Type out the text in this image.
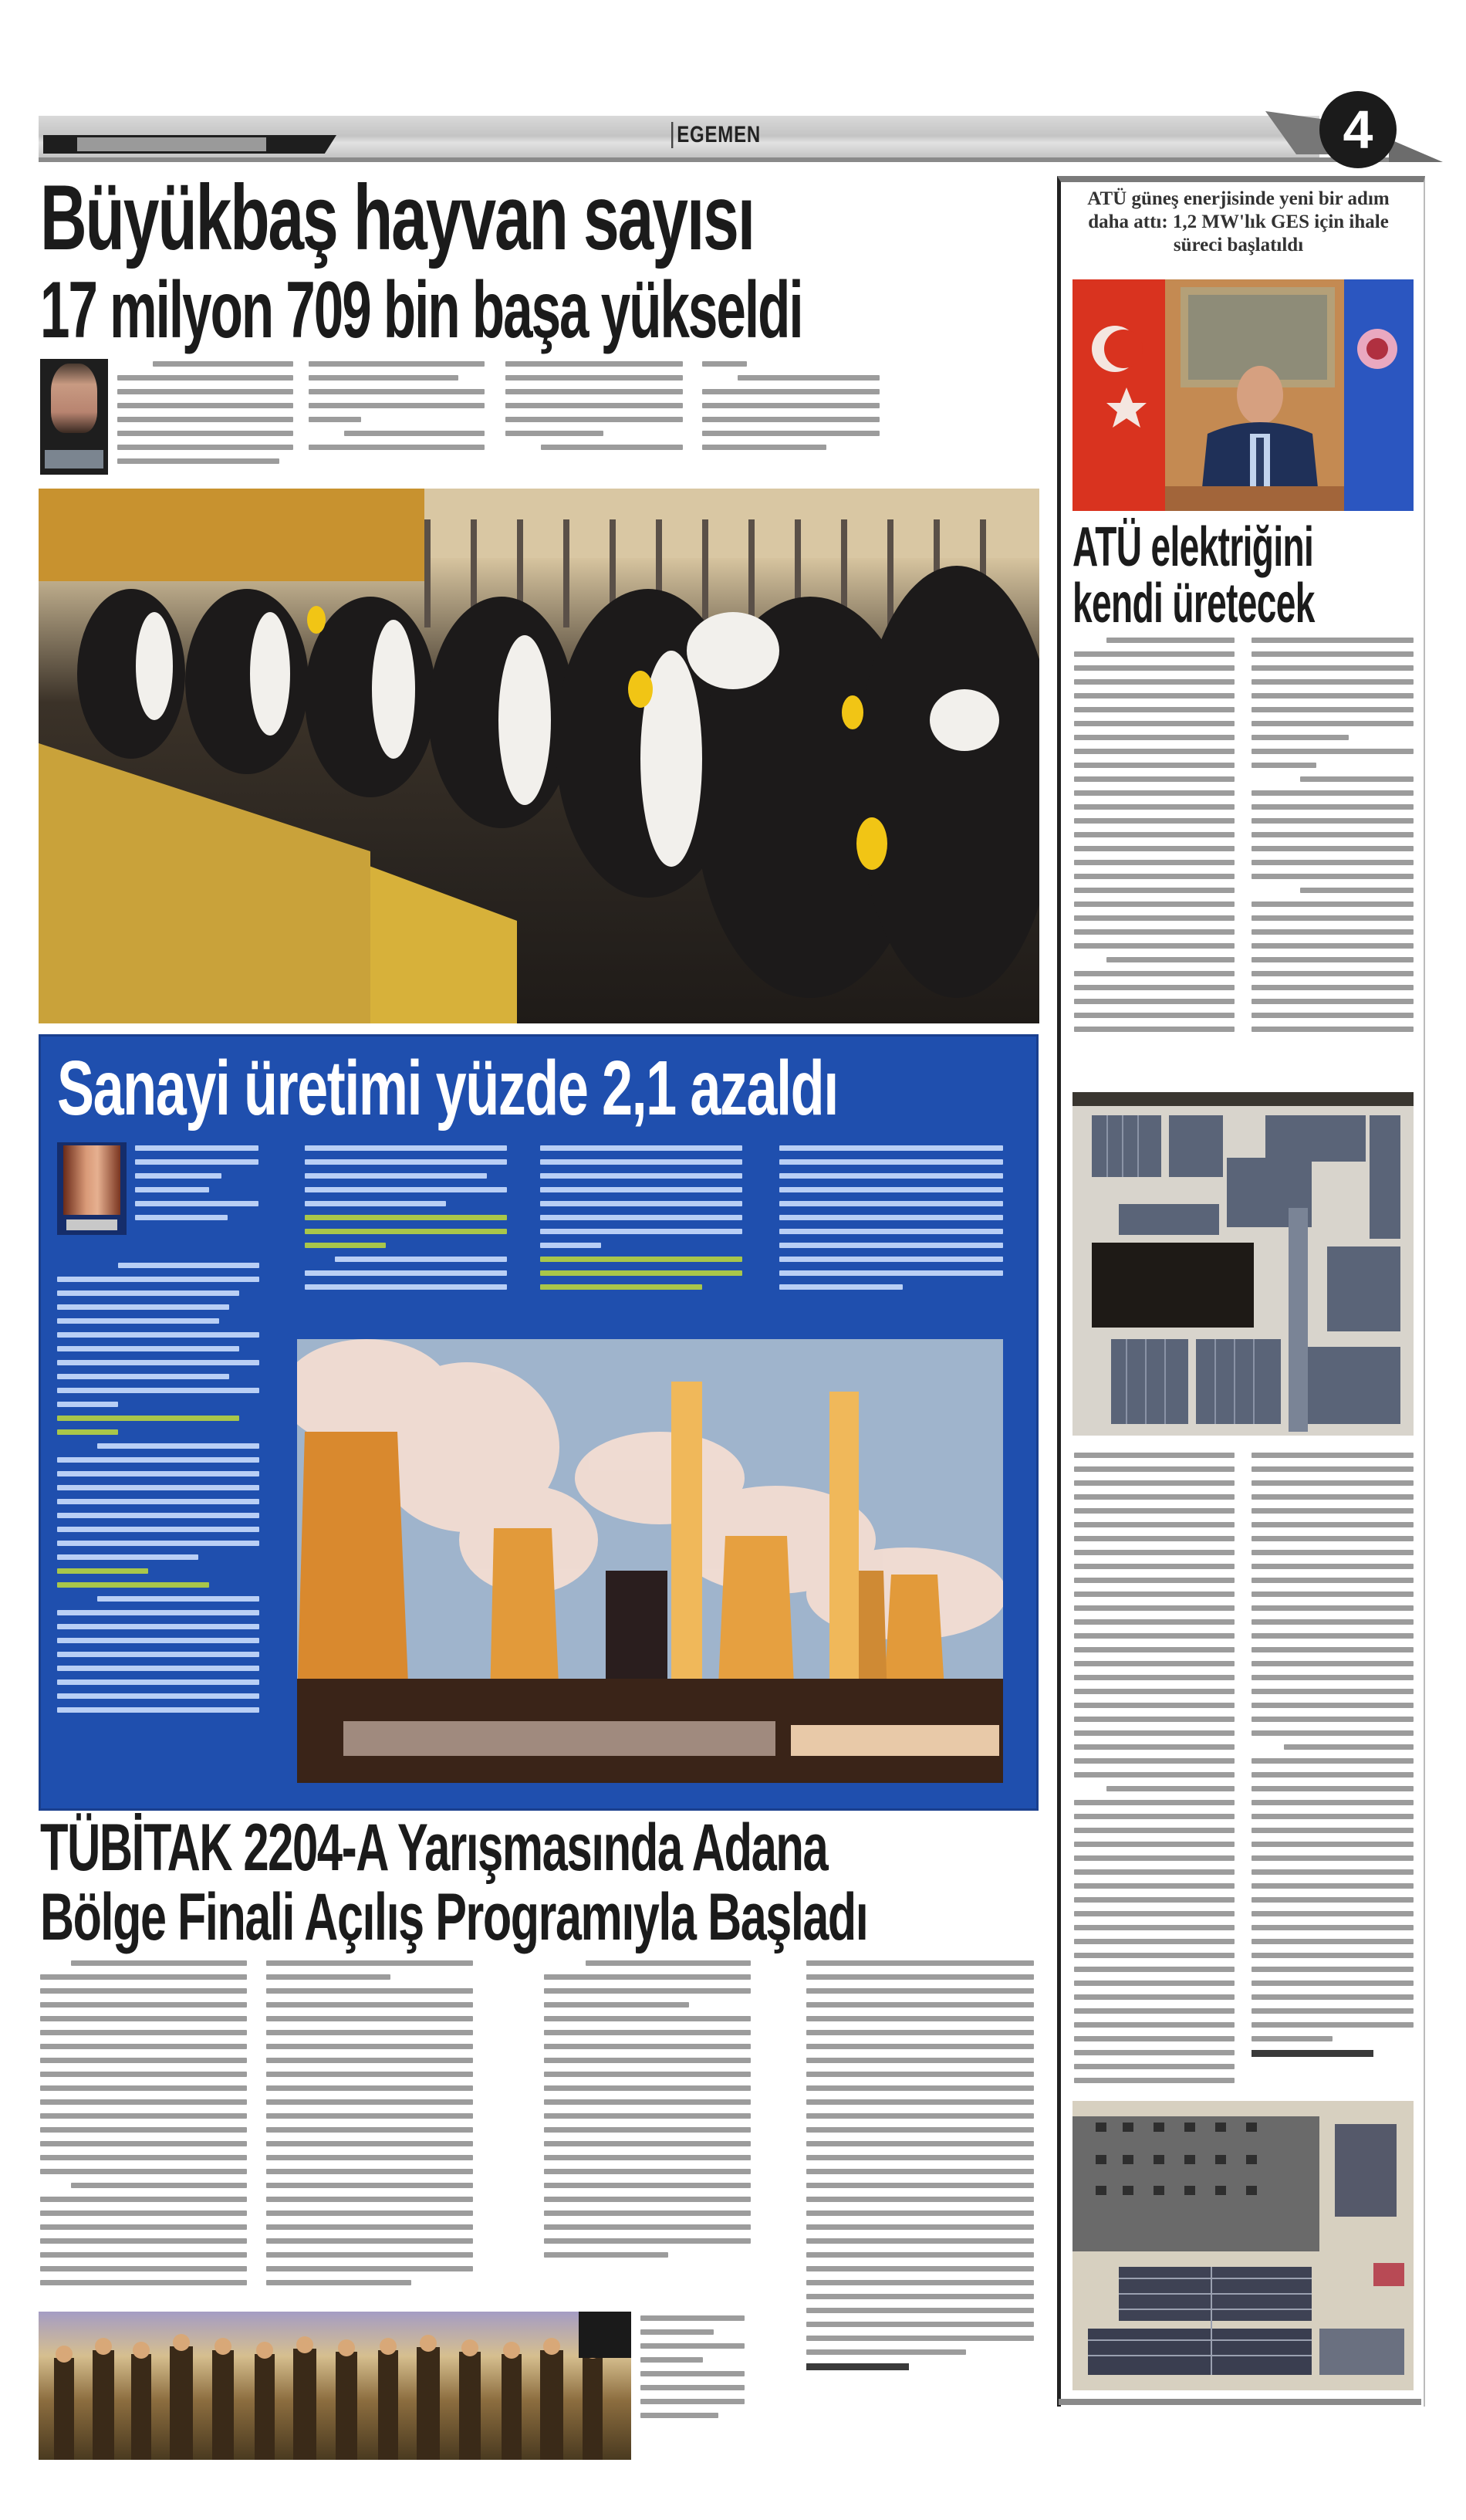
EGEMEN	4
Büyükbaş hayvan sayısı
17 milyon 709 bin başa yükseldi
Sanayi üretimi yüzde 2,1 azaldı
TÜBİTAK 2204-A Yarışmasında Adana
Bölge Finali Açılış Programıyla Başladı
ATÜ güneş enerjisinde yeni bir adım daha attı: 1,2 MW'lık GES için ihale süreci başlatıldı
ATÜ elektriğini
kendi üretecek
